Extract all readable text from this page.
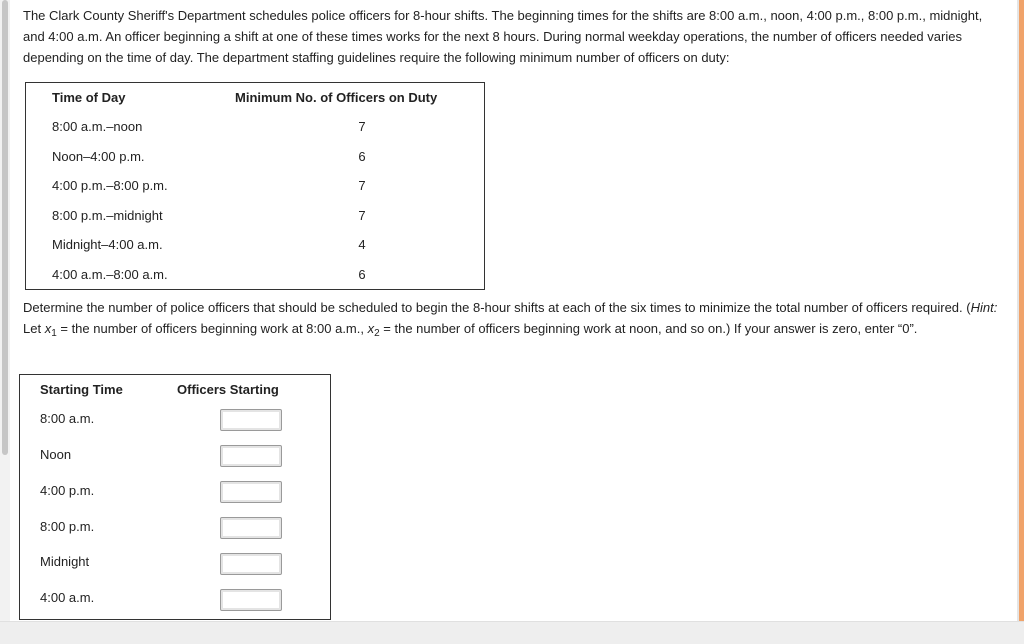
The Clark County Sheriff's Department schedules police officers for 8-hour shifts. The beginning times for the shifts are 8:00 a.m., noon, 4:00 p.m., 8:00 p.m., midnight, and 4:00 a.m. An officer beginning a shift at one of these times works for the next 8 hours. During normal weekday operations, the number of officers needed varies depending on the time of day. The department staffing guidelines require the following minimum number of officers on duty:

Time of Day	Minimum No. of Officers on Duty
8:00 a.m.–noon	7
Noon–4:00 p.m.	6
4:00 p.m.–8:00 p.m.	7
8:00 p.m.–midnight	7
Midnight–4:00 a.m.	4
4:00 a.m.–8:00 a.m.	6

Determine the number of police officers that should be scheduled to begin the 8-hour shifts at each of the six times to minimize the total number of officers required. (Hint: Let $x_1$ = the number of officers beginning work at 8:00 a.m., $x_2$ = the number of officers beginning work at noon, and so on.) If your answer is zero, enter “0”.

Starting Time	Officers Starting
8:00 a.m.
Noon
4:00 p.m.
8:00 p.m.
Midnight
4:00 a.m.
